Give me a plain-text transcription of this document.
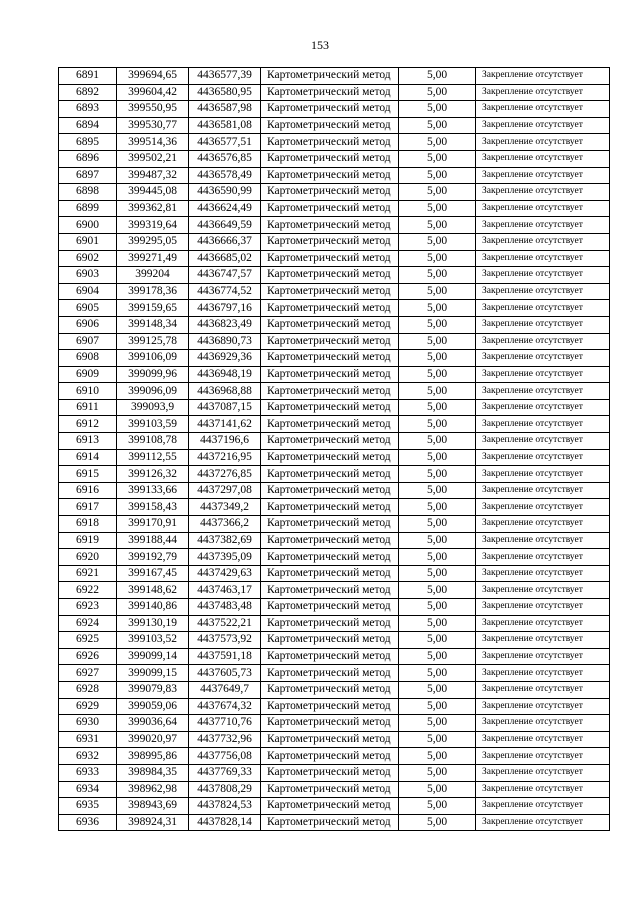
153
6891	399694,65	4436577,39	Картометрический метод	5,00	Закрепление отсутствует
6892	399604,42	4436580,95	Картометрический метод	5,00	Закрепление отсутствует
6893	399550,95	4436587,98	Картометрический метод	5,00	Закрепление отсутствует
6894	399530,77	4436581,08	Картометрический метод	5,00	Закрепление отсутствует
6895	399514,36	4436577,51	Картометрический метод	5,00	Закрепление отсутствует
6896	399502,21	4436576,85	Картометрический метод	5,00	Закрепление отсутствует
6897	399487,32	4436578,49	Картометрический метод	5,00	Закрепление отсутствует
6898	399445,08	4436590,99	Картометрический метод	5,00	Закрепление отсутствует
6899	399362,81	4436624,49	Картометрический метод	5,00	Закрепление отсутствует
6900	399319,64	4436649,59	Картометрический метод	5,00	Закрепление отсутствует
6901	399295,05	4436666,37	Картометрический метод	5,00	Закрепление отсутствует
6902	399271,49	4436685,02	Картометрический метод	5,00	Закрепление отсутствует
6903	399204	4436747,57	Картометрический метод	5,00	Закрепление отсутствует
6904	399178,36	4436774,52	Картометрический метод	5,00	Закрепление отсутствует
6905	399159,65	4436797,16	Картометрический метод	5,00	Закрепление отсутствует
6906	399148,34	4436823,49	Картометрический метод	5,00	Закрепление отсутствует
6907	399125,78	4436890,73	Картометрический метод	5,00	Закрепление отсутствует
6908	399106,09	4436929,36	Картометрический метод	5,00	Закрепление отсутствует
6909	399099,96	4436948,19	Картометрический метод	5,00	Закрепление отсутствует
6910	399096,09	4436968,88	Картометрический метод	5,00	Закрепление отсутствует
6911	399093,9	4437087,15	Картометрический метод	5,00	Закрепление отсутствует
6912	399103,59	4437141,62	Картометрический метод	5,00	Закрепление отсутствует
6913	399108,78	4437196,6	Картометрический метод	5,00	Закрепление отсутствует
6914	399112,55	4437216,95	Картометрический метод	5,00	Закрепление отсутствует
6915	399126,32	4437276,85	Картометрический метод	5,00	Закрепление отсутствует
6916	399133,66	4437297,08	Картометрический метод	5,00	Закрепление отсутствует
6917	399158,43	4437349,2	Картометрический метод	5,00	Закрепление отсутствует
6918	399170,91	4437366,2	Картометрический метод	5,00	Закрепление отсутствует
6919	399188,44	4437382,69	Картометрический метод	5,00	Закрепление отсутствует
6920	399192,79	4437395,09	Картометрический метод	5,00	Закрепление отсутствует
6921	399167,45	4437429,63	Картометрический метод	5,00	Закрепление отсутствует
6922	399148,62	4437463,17	Картометрический метод	5,00	Закрепление отсутствует
6923	399140,86	4437483,48	Картометрический метод	5,00	Закрепление отсутствует
6924	399130,19	4437522,21	Картометрический метод	5,00	Закрепление отсутствует
6925	399103,52	4437573,92	Картометрический метод	5,00	Закрепление отсутствует
6926	399099,14	4437591,18	Картометрический метод	5,00	Закрепление отсутствует
6927	399099,15	4437605,73	Картометрический метод	5,00	Закрепление отсутствует
6928	399079,83	4437649,7	Картометрический метод	5,00	Закрепление отсутствует
6929	399059,06	4437674,32	Картометрический метод	5,00	Закрепление отсутствует
6930	399036,64	4437710,76	Картометрический метод	5,00	Закрепление отсутствует
6931	399020,97	4437732,96	Картометрический метод	5,00	Закрепление отсутствует
6932	398995,86	4437756,08	Картометрический метод	5,00	Закрепление отсутствует
6933	398984,35	4437769,33	Картометрический метод	5,00	Закрепление отсутствует
6934	398962,98	4437808,29	Картометрический метод	5,00	Закрепление отсутствует
6935	398943,69	4437824,53	Картометрический метод	5,00	Закрепление отсутствует
6936	398924,31	4437828,14	Картометрический метод	5,00	Закрепление отсутствует
